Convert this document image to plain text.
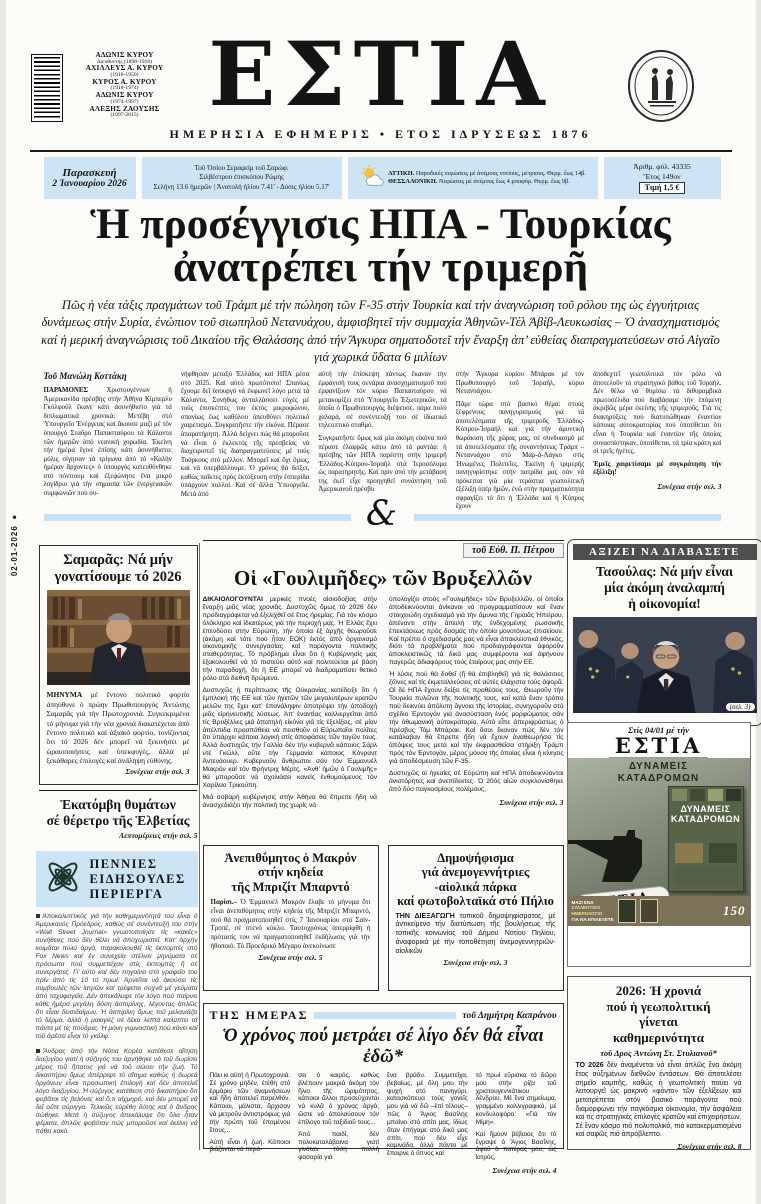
02-01-2026 ●
ΑΔΩΝΙΣ ΚΥΡΟΥ
Διευθυντής (1898-1918)
ΑΧΙΛΛΕΥΣ Α. ΚΥΡΟΥ
(1918-1950)
ΚΥΡΟΣ Α. ΚΥΡΟΥ
(1918-1974)
ΑΔΩΝΙΣ ΚΥΡΟΥ
(1974-1997)
ΑΛΕΞΗΣ ΖΑΟΥΣΗΣ
(1997-2015) ΕΣΤΙΑ
ΗΜΕΡΗΣΙΑ ΕΦΗΜΕΡΙΣ • ΕΤΟΣ ΙΔΡΥΣΕΩΣ 1876
Παρασκευή
2 Ἰανουαρίου 2026
Τοῦ Ὁσίου Σεραφείμ τοῦ Σαρώφ.
Σιλβέστρου ἐπισκόπου Ρώμης
Σελήνη 13.6 ἡμερῶν | Ἀνατολή ἡλίου 7.41' - Δύσις ἡλίου 5.17'
ΑΤΤΙΚΗ. Παροδικές νεφώσεις μέ ἀνέμους νοτίους, μέτριους. Θερμ. ἕως 14β.
ΘΕΣΣΑΛΟΝΙΚΗ. Νεφώσεις μέ ἀνέμους ἕως 4 μποφόρ. Θερμ. ἕως 9β.
Ἀριθμ. φύλ. 43335
Ἔτος 149ον
Τιμή 1,5 €
Ἡ προσέγγισις ΗΠΑ - Τουρκίας
ἀνατρέπει τήν τριμερῆ
Πῶς ἡ νέα τάξις πραγμάτων τοῦ Τράμπ μέ τήν πώληση τῶν F-35 στήν Τουρκία καί τήν ἀναγνώριση τοῦ ρόλου της ὡς ἐγγυήτριας δυνάμεως στήν Συρία, ἐνώπιον τοῦ σιωπηλοῦ Νετανυάχου, ἀμφισβητεῖ τήν συμμαχία Ἀθηνῶν-Τέλ Ἀβίβ-Λευκωσίας – Ὁ ἀνασχηματισμός καί ἡ μερική ἀναγνώρισις τοῦ Δικαίου τῆς Θαλάσσης ἀπό τήν Ἄγκυρα σηματοδοτεῖ τήν ἔναρξη ἀπ’ εὐθείας διαπραγματεύσεων στό Αἰγαῖο γιά χωρικά ὕδατα 6 μιλίων
Τοῦ Μανώλη Κοττάκη

ΠΑΡΑΜΟΝΕΣ Χριστουγέννων ἡ Ἀμερικανίδα πρέσβης στήν Ἀθήνα Κίμπερλυ Γκύλφοϋλ ἔκανε κάτι ἀσυνήθιστο γιά τά διπλωματικά χρονικά: Μετέβη στό Ὑπουργεῖο Ἐνέργειας καί ἄκουσε μαζί μέ τόν ὑπουργό Σταῦρο Παπασταύρου τά Κάλαντα τῶν ἡμερῶν ἀπό νεανική χορωδία. Ἐκείνη τήν ἡμέρα ἔγινε ἐπίσης κάτι ἀσυνήθιστο: μόλις σίγησαν τά τρίγωνα ἀπό τό «Καλήν ἡμέραν ἄρχοντες» ὁ ὑπουργός κατευθύνθηκε στό πόντιουμ καί ἐξεφώνησε ἕνα μικρό λογίδριο γιά τήν σημασία τῶν ἐνεργειακῶν συμφωνιῶν πού συ-

νήφθησαν μεταξύ Ἑλλάδος καί ΗΠΑ μέσα στό 2025. Καί αὐτό πρωτότυπο! Σπανίως ἔχουμε δεῖ ὑπουργό νά ἐκφωνεῖ λόγο μετά τά Κάλαντα. Συνήθως ἀνταλλάσσει εὐχές μέ τούς ἐπισκέπτες του ἐκτός μικροφώνου, σπανίως ἕως καθόλου ἀπευθύνει πολιτικό χαιρετισμό. Συγκρατῆστε τήν εἰκόνα. Πέρασε ἀπαρατήρητη. Ἀλλά δείχνει πώς θά μποροῦσε νά εἶναι ὁ ἐκλεκτός τῆς πρεσβείας νά διαχειριστεῖ τίς διαπραγματεύσεις μέ τούς Τούρκους στό μέλλον. Μπορεῖ καί ὄχι ὅμως, καί νά ὑπερβάλλουμε. Ὁ χρόνος θά δείξει, καθώς παῖκτες πρός ἐκτόξευση στήν ἑσπερίδα ὑπάρχουν πολλοί. Καί σέ ἄλλα Ὑπουργεῖα. Μετά ἀπό

αὐτή τήν ἐπίσκεψη πάντως ἔκαναν τήν ἐμφάνισή τους σενάρια ἀνασχηματισμοῦ πού ἐμφανίζουν τόν κύριο Παπασταύρου νά μετακομίζει στό Ὑπουργεῖο Ἐξωτερικῶν, τά ὁποῖα ὁ Πρωθυπουργός διέψευσε, πάρα πολύ χαλαρά, σέ συνέντευξή του σέ ἰδιωτικό τηλεοπτικό σταθμό.

Συγκρατῆστε ὅμως καί μία ἀκόμη εἰκόνα πού πέρασε ἐλαφρῶς κάτω ἀπό τά ραντάρ: ἡ πρέσβης τῶν ΗΠΑ παρέστη στήν τριμερῆ Ἑλλάδος-Κύπρου-Ἰσραήλ στά Ἱεροσόλυμα ὡς παρατηρητής. Καί πρίν ἀπό τήν μετάβασή της ἐκεῖ εἶχε προηγηθεῖ συνάντηση τοῦ Ἀμερικανοῦ πρέσβυ

στήν Ἄγκυρα κυρίου Μπάρακ μέ τόν Πρωθυπουργό τοῦ Ἰσραήλ, κύριο Νετανυάχου.

Πᾶμε τώρα στό βασικό θέμα: στούς ξέφρενους πανηγυρισμούς γιά τά ἀποτελέσματα τῆς τριμεροῦς Ἑλλάδος-Κύπρου-Ἰσραήλ καί γιά τήν ἀμυντική θωράκιση τῆς χώρας μας, σέ συνδυασμό μέ τά ἀποτελέσματα τῆς συναντήσεως Τράμπ – Νετανυάχου στό Μάρ-ἀ-Λάγκο στίς Ἡνωμένες Πολιτεῖες. Ἐκείνη ἡ τριμερής πανηγυρίστηκε στήν πατρίδα μας σάν νά πρόκειται γιά μία τεράστια γεωπολιτική ἐξέλιξη ὑπέρ ἡμῶν, ἐνῶ στήν πραγματικότητα σφραγίζει τό ὅτι ἡ Ἑλλάδα καί ἡ Κύπρος ἔχουν

ἀποδεχτεῖ γεωπολιτικά τόν ρόλο νά ἀποτελοῦν τό στρατηγικό βάθος τοῦ Ἰσραήλ. Δέν θέλω νά θυμίσω τά διθυραμβικά πρωτοσέλιδα πού διαβάσαμε τήν ἑπόμενη ἀκριβῶς μέρα ἐκείνης τῆς τριμεροῦς. Γιά τίς διακηρύξεις πού διατυπώθηκαν ἐναντίον κάποιας αὐτοκρατορίας πού ὑποτίθεται ὅτι εἶναι ἡ Τουρκία καί ἐναντίον τῆς ὁποίας συνασπίστηκαν, ὑποτίθεται, τά τρία κράτη καί οἱ τρεῖς ἡγέτες.

Ἐμεῖς χαιρετίσαμε μέ συγκράτηση τήν ἐξέλιξη!

Συνέχεια στήν σελ. 3
&
Σαμαρᾶς: Νά μήν
γονατίσουμε τό 2026
ΜΗΝΥΜΑ μέ ἔντονο πολιτικό φορτίο ἀπηύθυνε ὁ πρώην Πρωθυπουργός Ἀντώνης Σαμαρᾶς γιά τήν Πρωτοχρονιά. Συγκεκριμένα τό μήνυμα γιά τήν νέα χρονιά διακατέχεται ἀπό ἔντονο πολιτικό καί ἀξιακό φορτίο, τονίζοντας ὅτι τό 2026 δέν μπορεῖ νά ξεκινήσει μέ ὡραιοποιήσεις καί ὑπεκφυγές, ἀλλά μέ ξεκάθαρες ἐπιλογές καί ἀνάληψη εὐθύνης.
Συνέχεια στήν σελ. 3
Ἑκατόμβη θυμάτων
σέ θέρετρο τῆς Ἑλβετίας
Λεπτομέρειες στήν σελ. 5
ΠΕΝΝΙΕΣ
ΕΙΔΗΣΟΥΛΕΣ
ΠΕΡΙΕΡΓΑ

Ἀποκαλυπτικός γιά τήν καθημερινότητά του εἶναι ὁ Ἀμερικανός Πρόεδρος, καθώς σέ συνέντευξή του στήν «Wall Street Journal» γνωστοποίησε τίς «κακές» συνήθειες πού δέν θέλει νά ἀποχωριστεῖ. Κατ’ ἀρχήν κοιμᾶται πολύ ἀργά, παρακολουθεῖ τίς ἐκπομπές στό Fox News καί ἐν συνεχείᾳ στέλνει μηνύματα σέ πρόσωπα πού συμμετεῖχαν στίς ἐκπομπές ἤ σέ συνεργάτες. Γι’ αὐτό καί δέν πηγαίνει στό γραφεῖο του πρίν ἀπό τίς 10 τό πρωί. Ἀρνεῖται νά ἀκούσει τίς συμβουλές τῶν ἰατρῶν καί τρέφεται συχνά μέ γεύματα ἀπό ταχυφαγεῖα. Δέν ἀπεκάλυψε τόν λόγο πού παίρνει κάθε ἡμέρα μεγάλη δόση ἀσπιρίνης, λέγοντας ἁπλῶς ὅτι εἶναι δεισιδαίμων. Ἡ ἀσπιρίνη ὅμως τοῦ μελανιάζει τό δέρμα, ἀλλά ἡ μακιγιέζ σέ δέκα λεπτά καλύπτει τά πάντα μέ τίς πούδρες. Ἡ μόνη γυμναστική πού κάνει καί τοῦ ἀρέσει εἶναι τό γκόλφ.

Ἄνδρας ἀπό τήν Νότια Κορέα κατέθεσε αἴτηση διαζυγίου γιατί ἡ σύζυγός του ἀρνήθηκε νά τοῦ δωρίσει μέρος τοῦ ἥπατος γιά νά τοῦ σώσει τήν ζωή. Τό δικαστήριο ὅμως ἀπέρριψε τό αἴτημα καθώς ἡ δωρεά ὀργάνων εἶναι προσωπική ἐπιλογή καί δέν ἀποτελεῖ λόγο διαζυγίου. Ἡ σύζυγος κατέθεσε στό δικαστήριο ὅτι φοβᾶται τίς βελόνες καί ὅ,τι αἰχμηρό, καί δέν μπορεῖ νά δεῖ οὔτε σύριγγα. Τελικῶς εὑρέθη δότης καί ὁ ἄνδρας σώθηκε. Μετά ἡ σύζυγος ἀπεκάλυψε ὅτι ὅλα ἦταν ψέματα, ἁπλῶς φοβόταν πώς μποροῦσε καί ἐκείνη νά πάθει κακό.

τοῦ Εὐθ. Π. Πέτρου
Οἱ «Γουλιμῆδες» τῶν Βρυξελλῶν

ΔΙΚΑΙΟΛΟΓΟΥΝΤΑΙ μερικές πνοές αἰσιοδοξίας στήν ἔναρξη μιᾶς νέας χρονιᾶς. Δυστυχῶς ὅμως τό 2026 δέν προδιαγράφεται νά ἐξελιχθεῖ σέ ἔτος ἠρεμίας. Γιά τόν κόσμο ὁλόκληρο καί ἰδιαιτέρως γιά τήν περιοχή μας. Ἡ Ἑλλάς ἔχει ἐπενδύσει στήν Εὐρώπη, τήν ὁποία ἐξ ἀρχῆς θεωροῦσε (ἀκόμη καί τότε πού ἦταν ΕΟΚ) ἐκτός ἀπό ὀργανισμό οἰκονομικῆς συνεργασίας καί παράγοντα πολιτικῆς σταθερότητος. Τό πρόβλημα εἶναι ὅτι ἡ Κυβέρνησίς μας ἐξακολουθεῖ νά τό πιστεύει αὐτό καί πολιτεύεται μέ βάση τήν παραδοχή, ὅτι ἡ ΕΕ μπορεῖ νά διαδραματίσει θετικό ρόλο στά διεθνῆ δρώμενα.

Δυστυχῶς ἡ περίπτωσις τῆς Οὐκρανίας κατέδειξε ὅτι ἡ ἐμπλοκή τῆς ΕΕ καί τῶν ἡγετῶν τῶν μεγαλυτέρων κρατῶν μελῶν της ἔχει κατ’ ἐπανάληψιν ἀποτρέψει τήν ἀποδοχή μιᾶς εἰρηνευτικῆς λύσεως. Ἀπ’ ἐναντίας καλλιεργεῖται ἀπό τίς Βρυξέλλες μιά ἀπατηλή εἰκόνα γιά τίς ἐξελίξεις, σέ μίαν ἀπέλπιδα προσπάθεια νά πεισθοῦν οἱ Εὐρωπαῖοι πολῖτες ὅτι ὑπάρχει κάποια λογική στίς ἀποφάσεις τῶν ταγῶν τους. Ἀλλά δυστυχῶς τήν Γαλλία δέν τήν κυβερνᾶ κάποιος Σάρλ ντέ Γκώλλ, οὔτε τήν Γερμανία κάποιος Κόνραντ Ἀντενάουερ. Κυβερνοῦν ἄνθρωποι σάν τόν Ἐμμανυέλ Μακρόν καί τόν Φρήντριχ Μέρτς. «Ἀνθ’ ἡμῶν ὁ Γουλιμῆς» θά μποροῦσε νά σχολιάσει κανείς ἐνθυμούμενος τόν Χαρίλαο Τρικούπη.

Μιά σοβαρή κυβέρνησις στήν Ἀθήνα θά ἔπρεπε ἤδη νά ἀνασχεδιάζει τήν πολιτική της χωρίς νά

ὑπολογίζει στούς «Γουλιμῆδες» τῶν Βρυξελλῶν, οἱ ὁποῖοι ἀποδεικνύονται ἀνίκανοι νά προγραμματίσουν καί ἕναν στοιχειώδη σχεδιασμό γιά τήν ἄμυνα τῆς Γηραιᾶς Ἠπείρου, ἀπέναντι στήν ἀπειλή τῆς ἐνδεχομένης ρωσσικῆς ἐπεκτάσεως πρός δυσμάς τήν ὁποία μονοτόνως ἐπισείουν. Καί πρέπει ὁ σχεδιασμός μας νά εἶναι ἀποκλειστικά ἐθνικός, διότι τά προβλήματα πού προδιαγράφονται ἀφοροῦν ἀποκλειστικῶς τά δικά μας συμφέροντα καί ἀφήνουν παγερῶς ἀδιαφόρους τούς ἑταίρους μας στήν ΕΕ.

Ἡ λύσις πού θά δοθεῖ (ἤ θά ἐπιβληθεῖ) γιά τίς θαλάσσιες ζῶνες καί τίς ἐκμεταλλεύσεις σέ αὐτές ἐλάχιστα τούς ἀφορᾶ. Οἱ δέ ΗΠΑ ἔχουν δείξει τίς προθέσεις τους. Θεωροῦν τήν Τουρκία πυλῶνα τῆς πολιτικῆς τους, καί κατά ἕναν τρόπο πού δεικνύει ἀπόλυτη ἄγνοια τῆς ἱστορίας, συνηγοροῦν στό σχέδιο Ἐρντογάν γιά ἀνασύσταση ἑνός μορφώματος σάν τήν ὀθωμανική αὐτοκρατορία. Αὐτό εἶπε ἀπεριφράστως ὁ πρέσβυς Τόμ Μπάρακ. Καί ὅσοι ἔκαναν πώς δέν τόν κατάλαβαν θά ἔπρεπε ἤδη νά ἔχουν ἀναθεωρήσει τίς ἀπόψεις τους μετά καί τήν ἐκφρασθεῖσα στήριξη Τράμπ πρός τόν Ἐρντογάν, μέρος μόνον τῆς ὁποίας εἶναι ἡ κίνησις γιά ἀποδέσμευση τῶν F-35.

Δυστυχῶς οἱ ἡγεσίες σέ Εὐρώπη καί ΗΠΑ ἀποδεικνύονται ἀνιστόρητες καί ἀνεπίδεκτες. Ὁ 20ός αἰών συγκλονίσθηκε ἀπό δύο παγκοσμίους πολέμους,

Συνέχεια στήν σελ. 3
Ἀνεπιθύμητος ὁ Μακρόν
στήν κηδεία
τῆς Μπριζίτ Μπαρντό
Παρίσι.– Ὁ Ἐμμανυέλ Μακρόν ἔλαβε τό μήνυμα ὅτι εἶναι ἀνεπιθύμητος στήν κηδεία τῆς Μπριζίτ Μπαρντό, πού θά πραγματοποιηθεῖ στίς 7 Ἰανουαρίου στό Σαίν-Τροπέ, σέ στενό κύκλο. Ταυτοχρόνως ἀπερρίφθη ἡ πρότασίς του νά πραγματοποιηθεῖ ἐκδήλωσις γιά τήν ἠθοποιό. Τό Προεδρικό Μέγαρο ἀνεκοίνωσε
Συνέχεια στήν σελ. 5
Δημοψήφισμα
γιά ἀνεμογεννήτριες
-αἰολικά πάρκα
καί φωτοβολταϊκά στό Πήλιο
ΤΗΝ ΔΙΕΞΑΓΩΓΗ τοπικοῦ δημοψηφίσματος, μέ ἀντικείμενο τήν διατύπωση τῆς βουλήσεως τῆς τοπικῆς κοινωνίας τοῦ Δήμου Νοτίου Πηλίου, ἀναφορικά μέ τήν τοποθέτηση ἀνεμογεννητριῶν-αἰολικῶν
Συνέχεια στήν σελ. 3
ΤΗΣ ΗΜΕΡΑΣ	τοῦ Δημήτρη Καπράνου
Ὁ χρόνος πού μετράει σέ λίγο δέν θά εἶναι ἐδῶ*

Πάει κι αὐτή ἡ Πρωτοχρονιά. Σέ χρόνο μηδέν, ἐτέθη στό ἑρμάριο τῶν ἀναμνήσεων καί ἤδη ἀποτελεῖ παρελθόν. Κάποιοι, μάλιστα, ἄρχισαν νά μετροῦν ἀντιστρόφως γιά τήν πρώτη τοῦ ἐπομένου ἔτους...

Αὐτή εἶναι ἡ ζωή. Κάποιοι βιάζονται νά περά-

σει ὁ καιρός, καθώς βλέπουν μακριά ἀκόμη τόν ἥλιο τῆς ὡριμότητος, κάποιοι ἄλλοι προσεύχονται νά κυλᾶ ὁ χρόνος ἀργά, ὥστε νά ἀπολαύσουν τόν ἐπίλογο τοῦ ταξιδιοῦ τους...

Ἀπό παιδί, δέν πολυκαταλάβαινα γιατί γινόταν τόση πολλή φασαρία γιά

ἕνα βράδυ. Συμμετεῖχα, βεβαίως, μέ ὅλη μου τήν ψυχή στό πανηγύρι, κατασκόπευα τούς γονεῖς μου γιά νά δῶ –ἐπί τέλους– πῶς ὁ Ἅγιος Βασίλης μπαίνει στό σπίτι μας, ἰδίως ὅταν ἐπήγαμε στό δικό μας σπίτι, πού δέν εἶχε καμινάδα, ἀλλά πάντα μέ ἔπαιρνε ὁ ὕπνος καί

τό πρωί εὕρισκα τό δῶρο μου στήν ρίζα τοῦ χριστουγεννιάτικου δένδρου. Μέ ἕνα σημείωμα, γραμμένο καλλιγραφικά, μέ κονδυλοφόρο: «Γιά τόν Μίμη».

Καί ἤμουν βέβαιος ὅτι τό ἔγραψε ὁ Ἅγιος Βασίλης, ἀφοῦ ὁ πατέρας μου, ὡς ἰατρός,

Συνέχεια στήν σελ. 4
ΑΞΙΖΕΙ ΝΑ ΔΙΑΒΑΣΕΤΕ
Τασούλας: Νά μήν εἶναι
μία ἀκόμη ἀναλαμπή
ἡ οἰκονομία!
(σελ. 3)
Στίς 04/01 μέ τήν
ΕΣΤΙΑ
ΔΥΝΑΜΕΙΣ
ΚΑΤΑΔΡΟΜΩΝ
ΔΥΝΑΜΕΙΣ
ΚΑΤΑΔΡΟΜΩΝ
ΜΑΖΙ ΕΝΑ
ΣΥΛΛΕΚΤΙΚΟ
ΗΜΕΡΟΛΟΓΙΟ
ΓΙΑ ΝΑ ΕΠΙΛΕΞΕΤΕ
150
2026: Ἡ χρονιά
πού ἡ γεωπολιτική
γίνεται
καθημερινότητα
τοῦ Δρος Ἀντώνη Στ. Στυλιανοῦ*
ΤΟ 2026 δέν ἀναμένεται νά εἶναι ἁπλῶς ἕνα ἀκόμη ἔτος αὐξημένων διεθνῶν ἐντάσεων. Θά ἀποτελέσει σημεῖο καμπῆς, καθώς ἡ γεωπολιτική παύει νά λειτουργεῖ ὡς μακρινό «φόντο» τῶν ἐξελίξεων καί μετατρέπεται στόν βασικό παράγοντα πού διαμορφώνει τήν παγκόσμια οἰκονομία, τήν ἀσφάλεια καί τίς στρατηγικές ἐπιλογές κρατῶν καί ἐπιχειρήσεων. Σέ ἕναν κόσμο πιό πολυπολικό, πιό κατακερματισμένο καί σαφῶς πιό ἀπρόβλεπτο.
Συνέχεια στήν σελ. 8
